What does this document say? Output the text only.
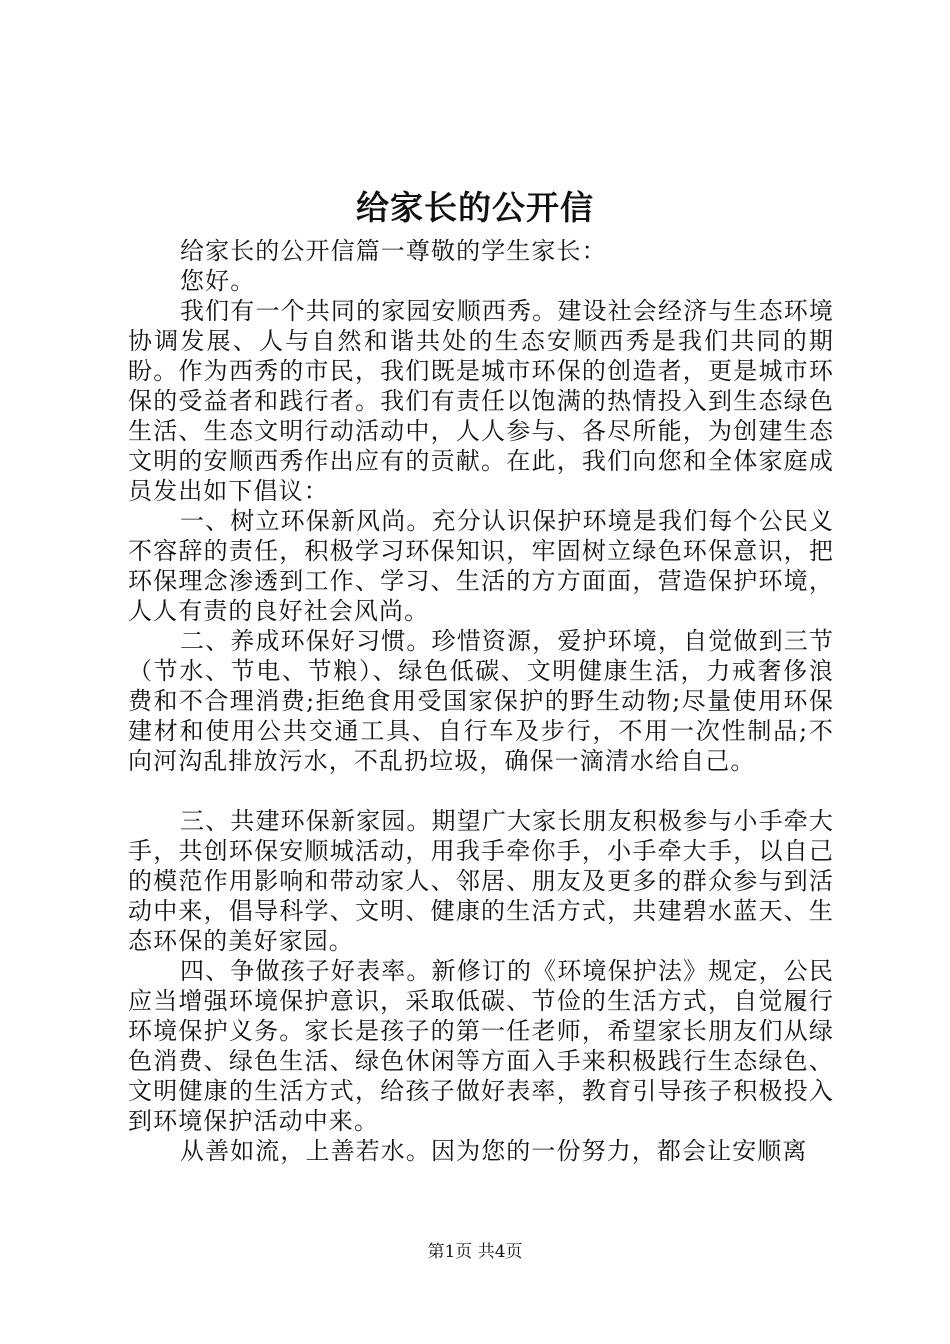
给家长的公开信

给家长的公开信篇一尊敬的学生家长：

您好。

我们有一个共同的家园安顺西秀。建设社会经济与生态环境协调发展、人与自然和谐共处的生态安顺西秀是我们共同的期盼。作为西秀的市民，我们既是城市环保的创造者，更是城市环保的受益者和践行者。我们有责任以饱满的热情投入到生态绿色生活、生态文明行动活动中，人人参与、各尽所能，为创建生态文明的安顺西秀作出应有的贡献。在此，我们向您和全体家庭成员发出如下倡议：

一、树立环保新风尚。充分认识保护环境是我们每个公民义不容辞的责任，积极学习环保知识，牢固树立绿色环保意识，把环保理念渗透到工作、学习、生活的方方面面，营造保护环境，人人有责的良好社会风尚。

二、养成环保好习惯。珍惜资源，爱护环境，自觉做到三节（节水、节电、节粮）、绿色低碳、文明健康生活，力戒奢侈浪费和不合理消费;拒绝食用受国家保护的野生动物;尽量使用环保建材和使用公共交通工具、自行车及步行，不用一次性制品;不向河沟乱排放污水，不乱扔垃圾，确保一滴清水给自己。

三、共建环保新家园。期望广大家长朋友积极参与小手牵大手，共创环保安顺城活动，用我手牵你手，小手牵大手，以自己的模范作用影响和带动家人、邻居、朋友及更多的群众参与到活动中来，倡导科学、文明、健康的生活方式，共建碧水蓝天、生态环保的美好家园。

四、争做孩子好表率。新修订的《环境保护法》规定，公民应当增强环境保护意识，采取低碳、节俭的生活方式，自觉履行环境保护义务。家长是孩子的第一任老师，希望家长朋友们从绿色消费、绿色生活、绿色休闲等方面入手来积极践行生态绿色、文明健康的生活方式，给孩子做好表率，教育引导孩子积极投入到环境保护活动中来。

从善如流，上善若水。因为您的一份努力，都会让安顺离

第1页 共4页
